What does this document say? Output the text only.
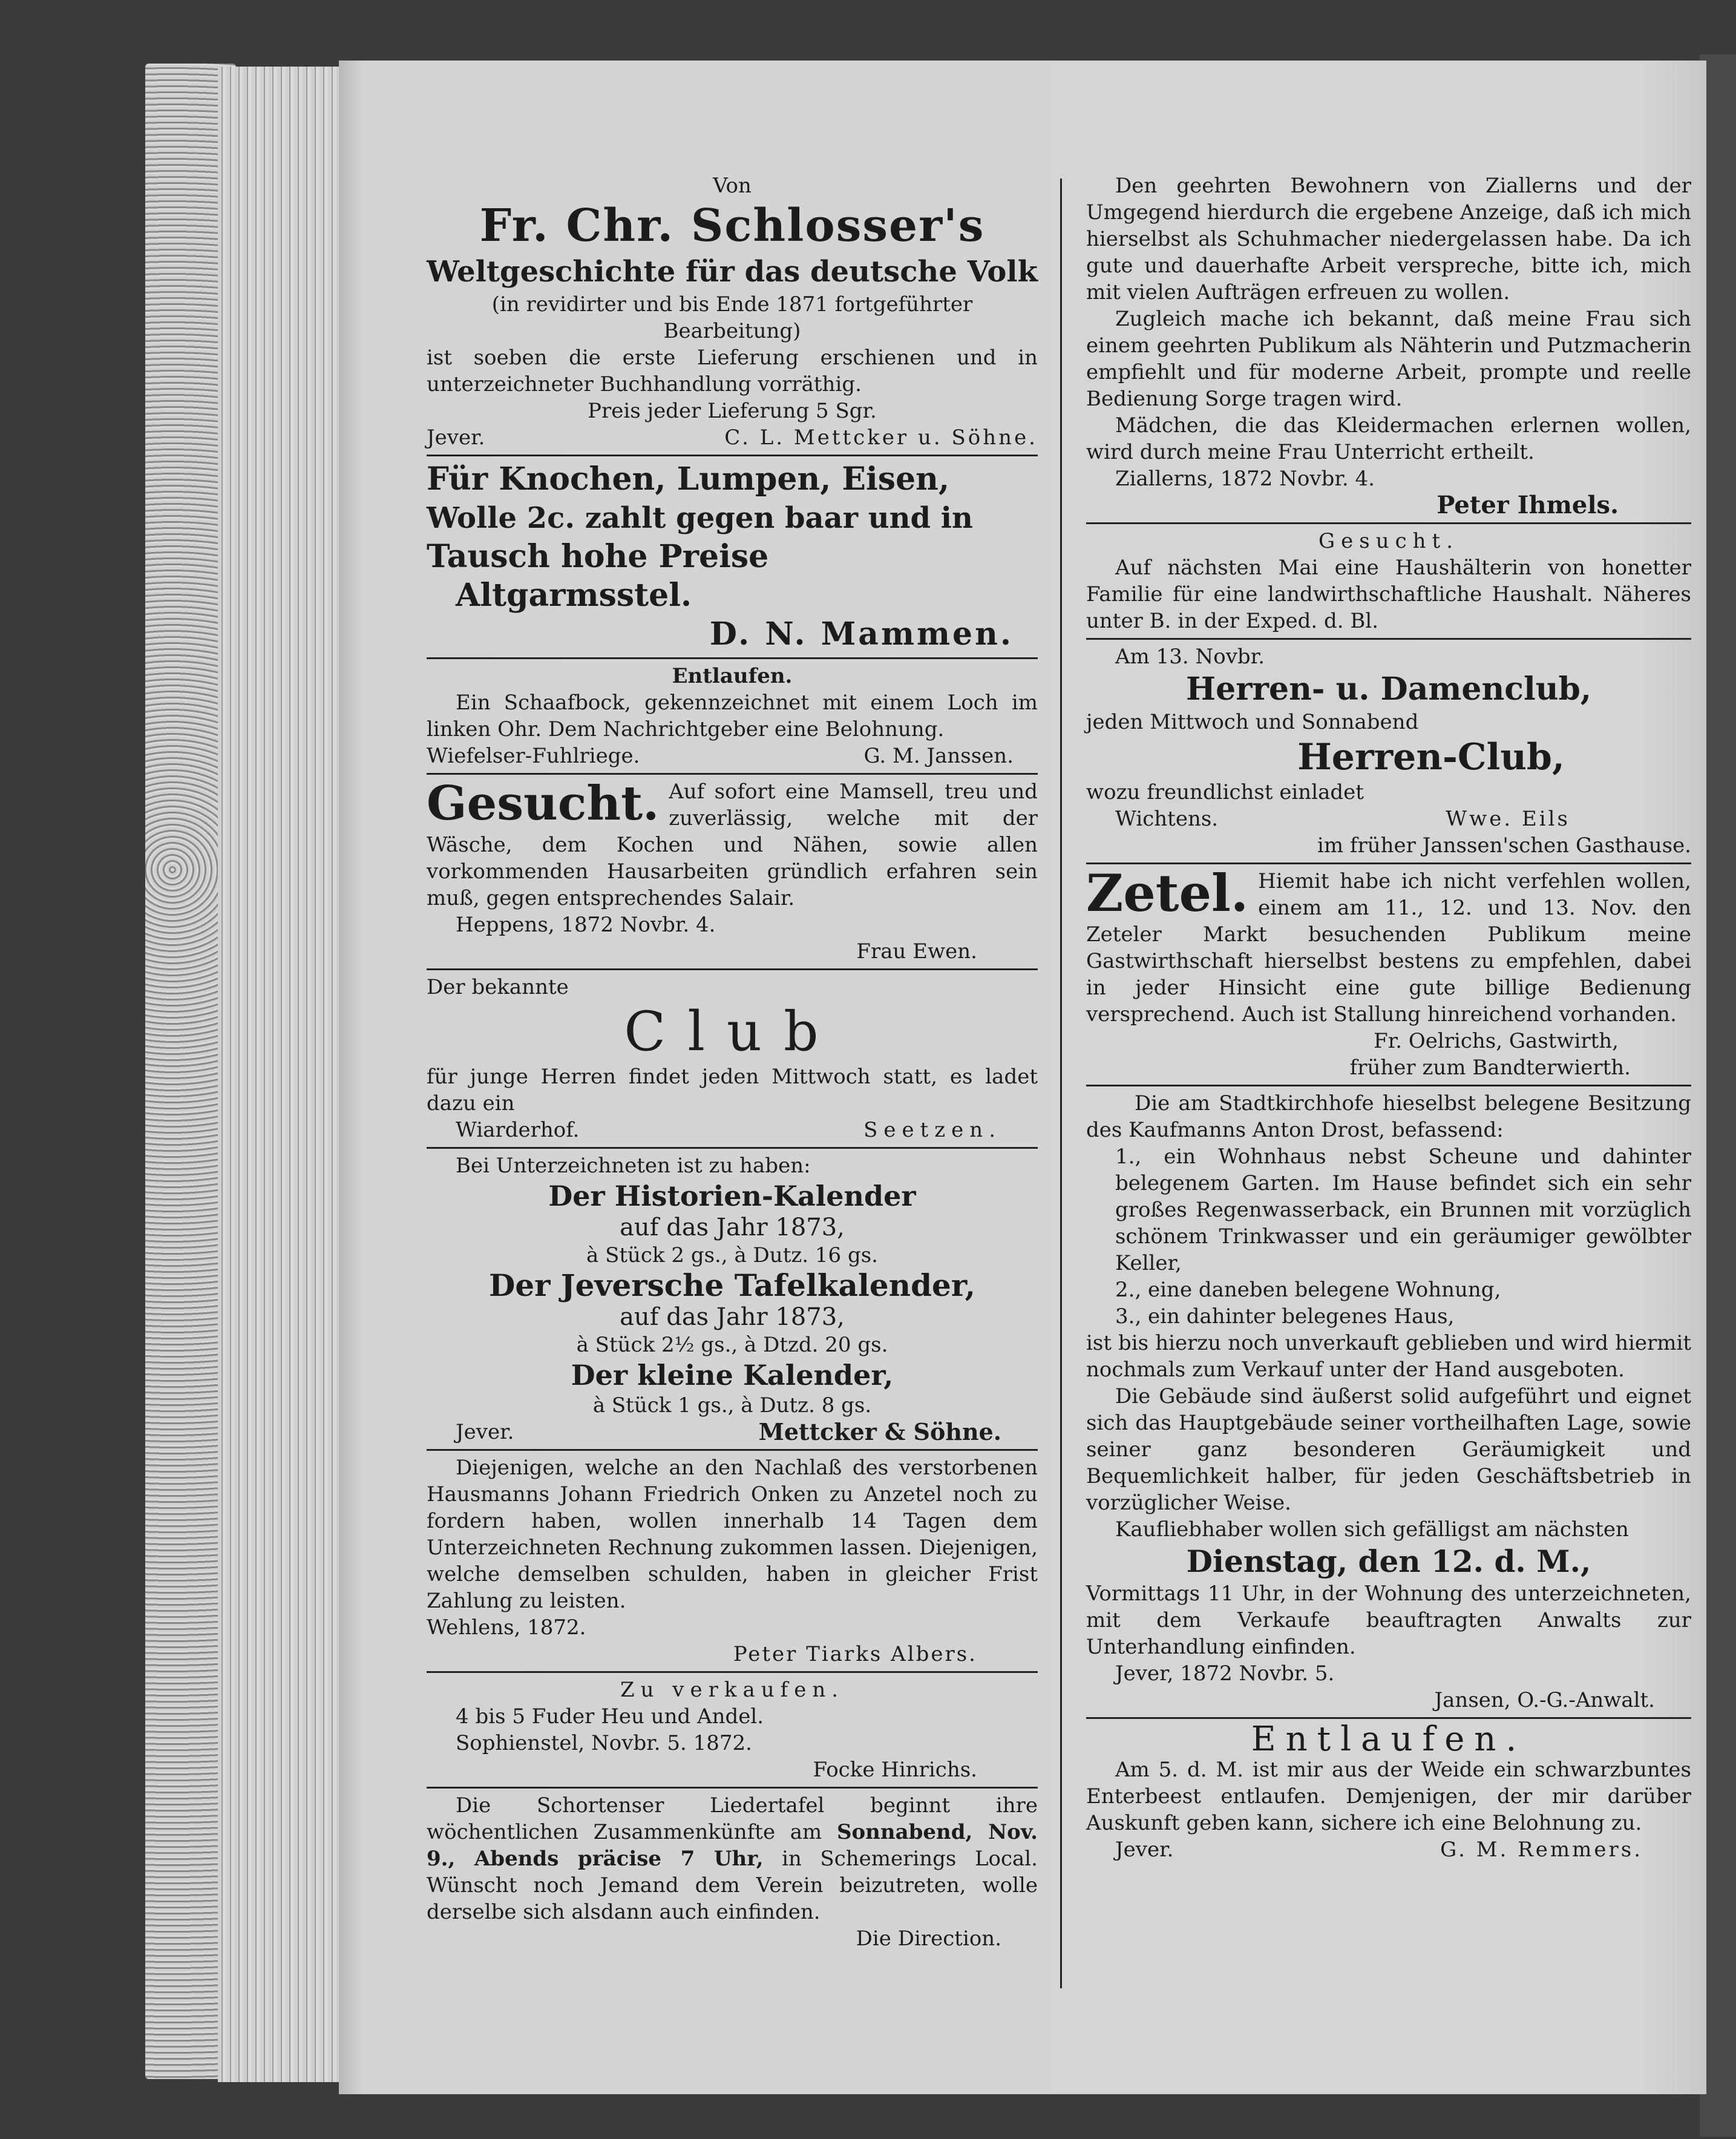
Von

Fr. Chr. Schlosser's
Weltgeschichte für das deutsche Volk

(in revidirter und bis Ende 1871 fortgeführter Bearbeitung)

ist soeben die erste Lieferung erschienen und in unterzeichneter Buchhandlung vorräthig.

Preis jeder Lieferung 5 Sgr.

Jever.	C. L. Mettcker u. Söhne.
Für Knochen, Lumpen, Eisen,
Wolle 2c. zahlt gegen baar und in
Tausch hohe Preise
Altgarmsstel.
D. N. Mammen.

Entlaufen.

Ein Schaafbock, gekennzeichnet mit einem Loch im linken Ohr. Dem Nachrichtgeber eine Belohnung.

Wiefelser-Fuhlriege.	G. M. Janssen.
Gesucht. Auf sofort eine Mamsell, treu und zuverlässig, welche mit der Wäsche, dem Kochen und Nähen, sowie allen vorkommenden Hausarbeiten gründlich erfahren sein muß, gegen entsprechendes Salair.

Heppens, 1872 Novbr. 4.

Frau Ewen.

Der bekannte

Club

für junge Herren findet jeden Mittwoch statt, es ladet dazu ein

Wiarderhof.	Seetzen.

Bei Unterzeichneten ist zu haben:

Der Historien-Kalender

auf das Jahr 1873,

à Stück 2 gs., à Dutz. 16 gs.

Der Jeversche Tafelkalender,

auf das Jahr 1873,

à Stück 2½ gs., à Dtzd. 20 gs.

Der kleine Kalender,

à Stück 1 gs., à Dutz. 8 gs.

Jever.	Mettcker & Söhne.

Diejenigen, welche an den Nachlaß des verstorbenen Hausmanns Johann Friedrich Onken zu Anzetel noch zu fordern haben, wollen innerhalb 14 Tagen dem Unterzeichneten Rechnung zukommen lassen. Diejenigen, welche demselben schulden, haben in gleicher Frist Zahlung zu leisten.

Wehlens, 1872.

Peter Tiarks Albers.

Zu verkaufen.

4 bis 5 Fuder Heu und Andel.

Sophienstel, Novbr. 5. 1872.

Focke Hinrichs.

Die Schortenser Liedertafel beginnt ihre wöchentlichen Zusammenkünfte am Sonnabend, Nov. 9., Abends präcise 7 Uhr, in Schemerings Local. Wünscht noch Jemand dem Verein beizutreten, wolle derselbe sich alsdann auch einfinden.

Die Direction.

Den geehrten Bewohnern von Ziallerns und der Umgegend hierdurch die ergebene Anzeige, daß ich mich hierselbst als Schuhmacher niedergelassen habe. Da ich gute und dauerhafte Arbeit verspreche, bitte ich, mich mit vielen Aufträgen erfreuen zu wollen.

Zugleich mache ich bekannt, daß meine Frau sich einem geehrten Publikum als Nähterin und Putzmacherin empfiehlt und für moderne Arbeit, prompte und reelle Bedienung Sorge tragen wird.

Mädchen, die das Kleidermachen erlernen wollen, wird durch meine Frau Unterricht ertheilt.

Ziallerns, 1872 Novbr. 4.

Peter Ihmels.

Gesucht.

Auf nächsten Mai eine Haushälterin von honetter Familie für eine landwirthschaftliche Haushalt. Näheres unter B. in der Exped. d. Bl.

Am 13. Novbr.

Herren- u. Damenclub,

jeden Mittwoch und Sonnabend

Herren-Club,

wozu freundlichst einladet

Wichtens.	Wwe. Eils

im früher Janssen'schen Gasthause.

Zetel. Hiemit habe ich nicht verfehlen wollen, einem am 11., 12. und 13. Nov. den Zeteler Markt besuchenden Publikum meine Gastwirthschaft hierselbst bestens zu empfehlen, dabei in jeder Hinsicht eine gute billige Bedienung versprechend. Auch ist Stallung hinreichend vorhanden.

Fr. Oelrichs, Gastwirth,

früher zum Bandterwierth.

Die am Stadtkirchhofe hieselbst belegene Besitzung des Kaufmanns Anton Drost, befassend:

1., ein Wohnhaus nebst Scheune und dahinter belegenem Garten. Im Hause befindet sich ein sehr großes Regenwasserback, ein Brunnen mit vorzüglich schönem Trinkwasser und ein geräumiger gewölbter Keller,

2., eine daneben belegene Wohnung,

3., ein dahinter belegenes Haus,

ist bis hierzu noch unverkauft geblieben und wird hiermit nochmals zum Verkauf unter der Hand ausgeboten.

Die Gebäude sind äußerst solid aufgeführt und eignet sich das Hauptgebäude seiner vortheilhaften Lage, sowie seiner ganz besonderen Geräumigkeit und Bequemlichkeit halber, für jeden Geschäftsbetrieb in vorzüglicher Weise.

Kaufliebhaber wollen sich gefälligst am nächsten

Dienstag, den 12. d. M.,

Vormittags 11 Uhr, in der Wohnung des unterzeichneten, mit dem Verkaufe beauftragten Anwalts zur Unterhandlung einfinden.

Jever, 1872 Novbr. 5.

Jansen, O.-G.-Anwalt.

Entlaufen.

Am 5. d. M. ist mir aus der Weide ein schwarzbuntes Enterbeest entlaufen. Demjenigen, der mir darüber Auskunft geben kann, sichere ich eine Belohnung zu.

Jever.	G. M. Remmers.
